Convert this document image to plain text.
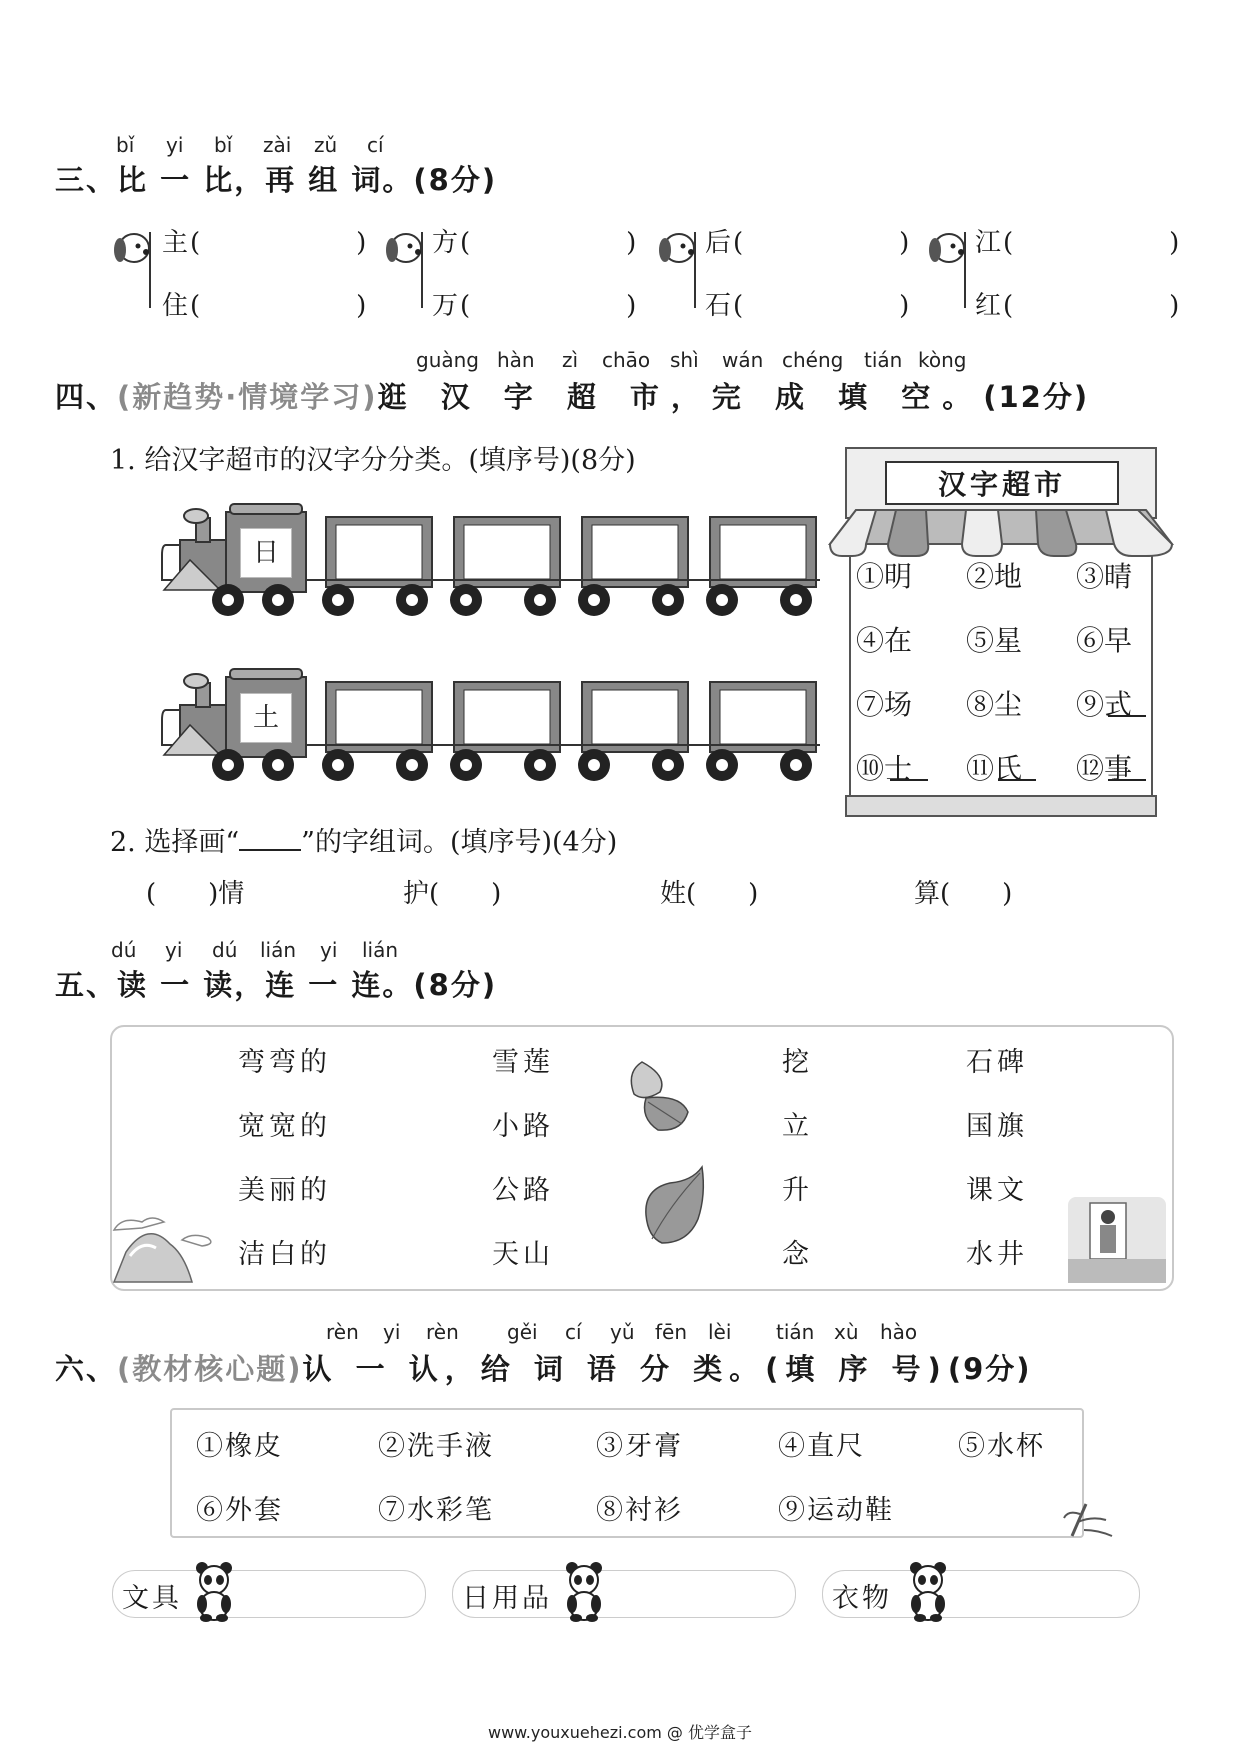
bǐ yi bǐ zài zǔ cí
三、比 一 比，再 组 词。(8分)
主 (　　　　　　)
住 (　　　　　　)
方 (　　　　　　)
万 (　　　　　　)
后 (　　　　　　)
石 (　　　　　　)
江 (　　　　　　)
红 (　　　　　　)
guàng hàn zì chāo shì wán chéng tián kòng
四、(新趋势·情境学习)逛 汉 字 超 市，完 成 填 空。(12分)
1. 给汉字超市的汉字分分类。(填序号)(8分)
日
土
汉字超市
①明 ②地 ③晴
④在 ⑤星 ⑥早
⑦场 ⑧尘 ⑨式
⑩士 ⑪氏 ⑫事
2. 选择画“ ”的字组词。(填序号)(4分)
(　　)情	护(　　)	姓(　　)	算(　　)
dú yi dú lián yi lián
五、读 一 读，连 一 连。(8分)
弯弯的
宽宽的
美丽的
洁白的
雪莲
小路
公路
天山
挖
立
升
念
石碑
国旗
课文
水井
rèn yi rèn gěi cí yǔ fēn lèi tián xù hào
六、(教材核心题)认 一 认，给 词 语 分 类。(填 序 号)(9分)
①橡皮	②洗手液	③牙膏	④直尺	⑤水杯
⑥外套	⑦水彩笔	⑧衬衫	⑨运动鞋
文具	日用品	衣物
www.youxuehezi.com @ 优学盒子
